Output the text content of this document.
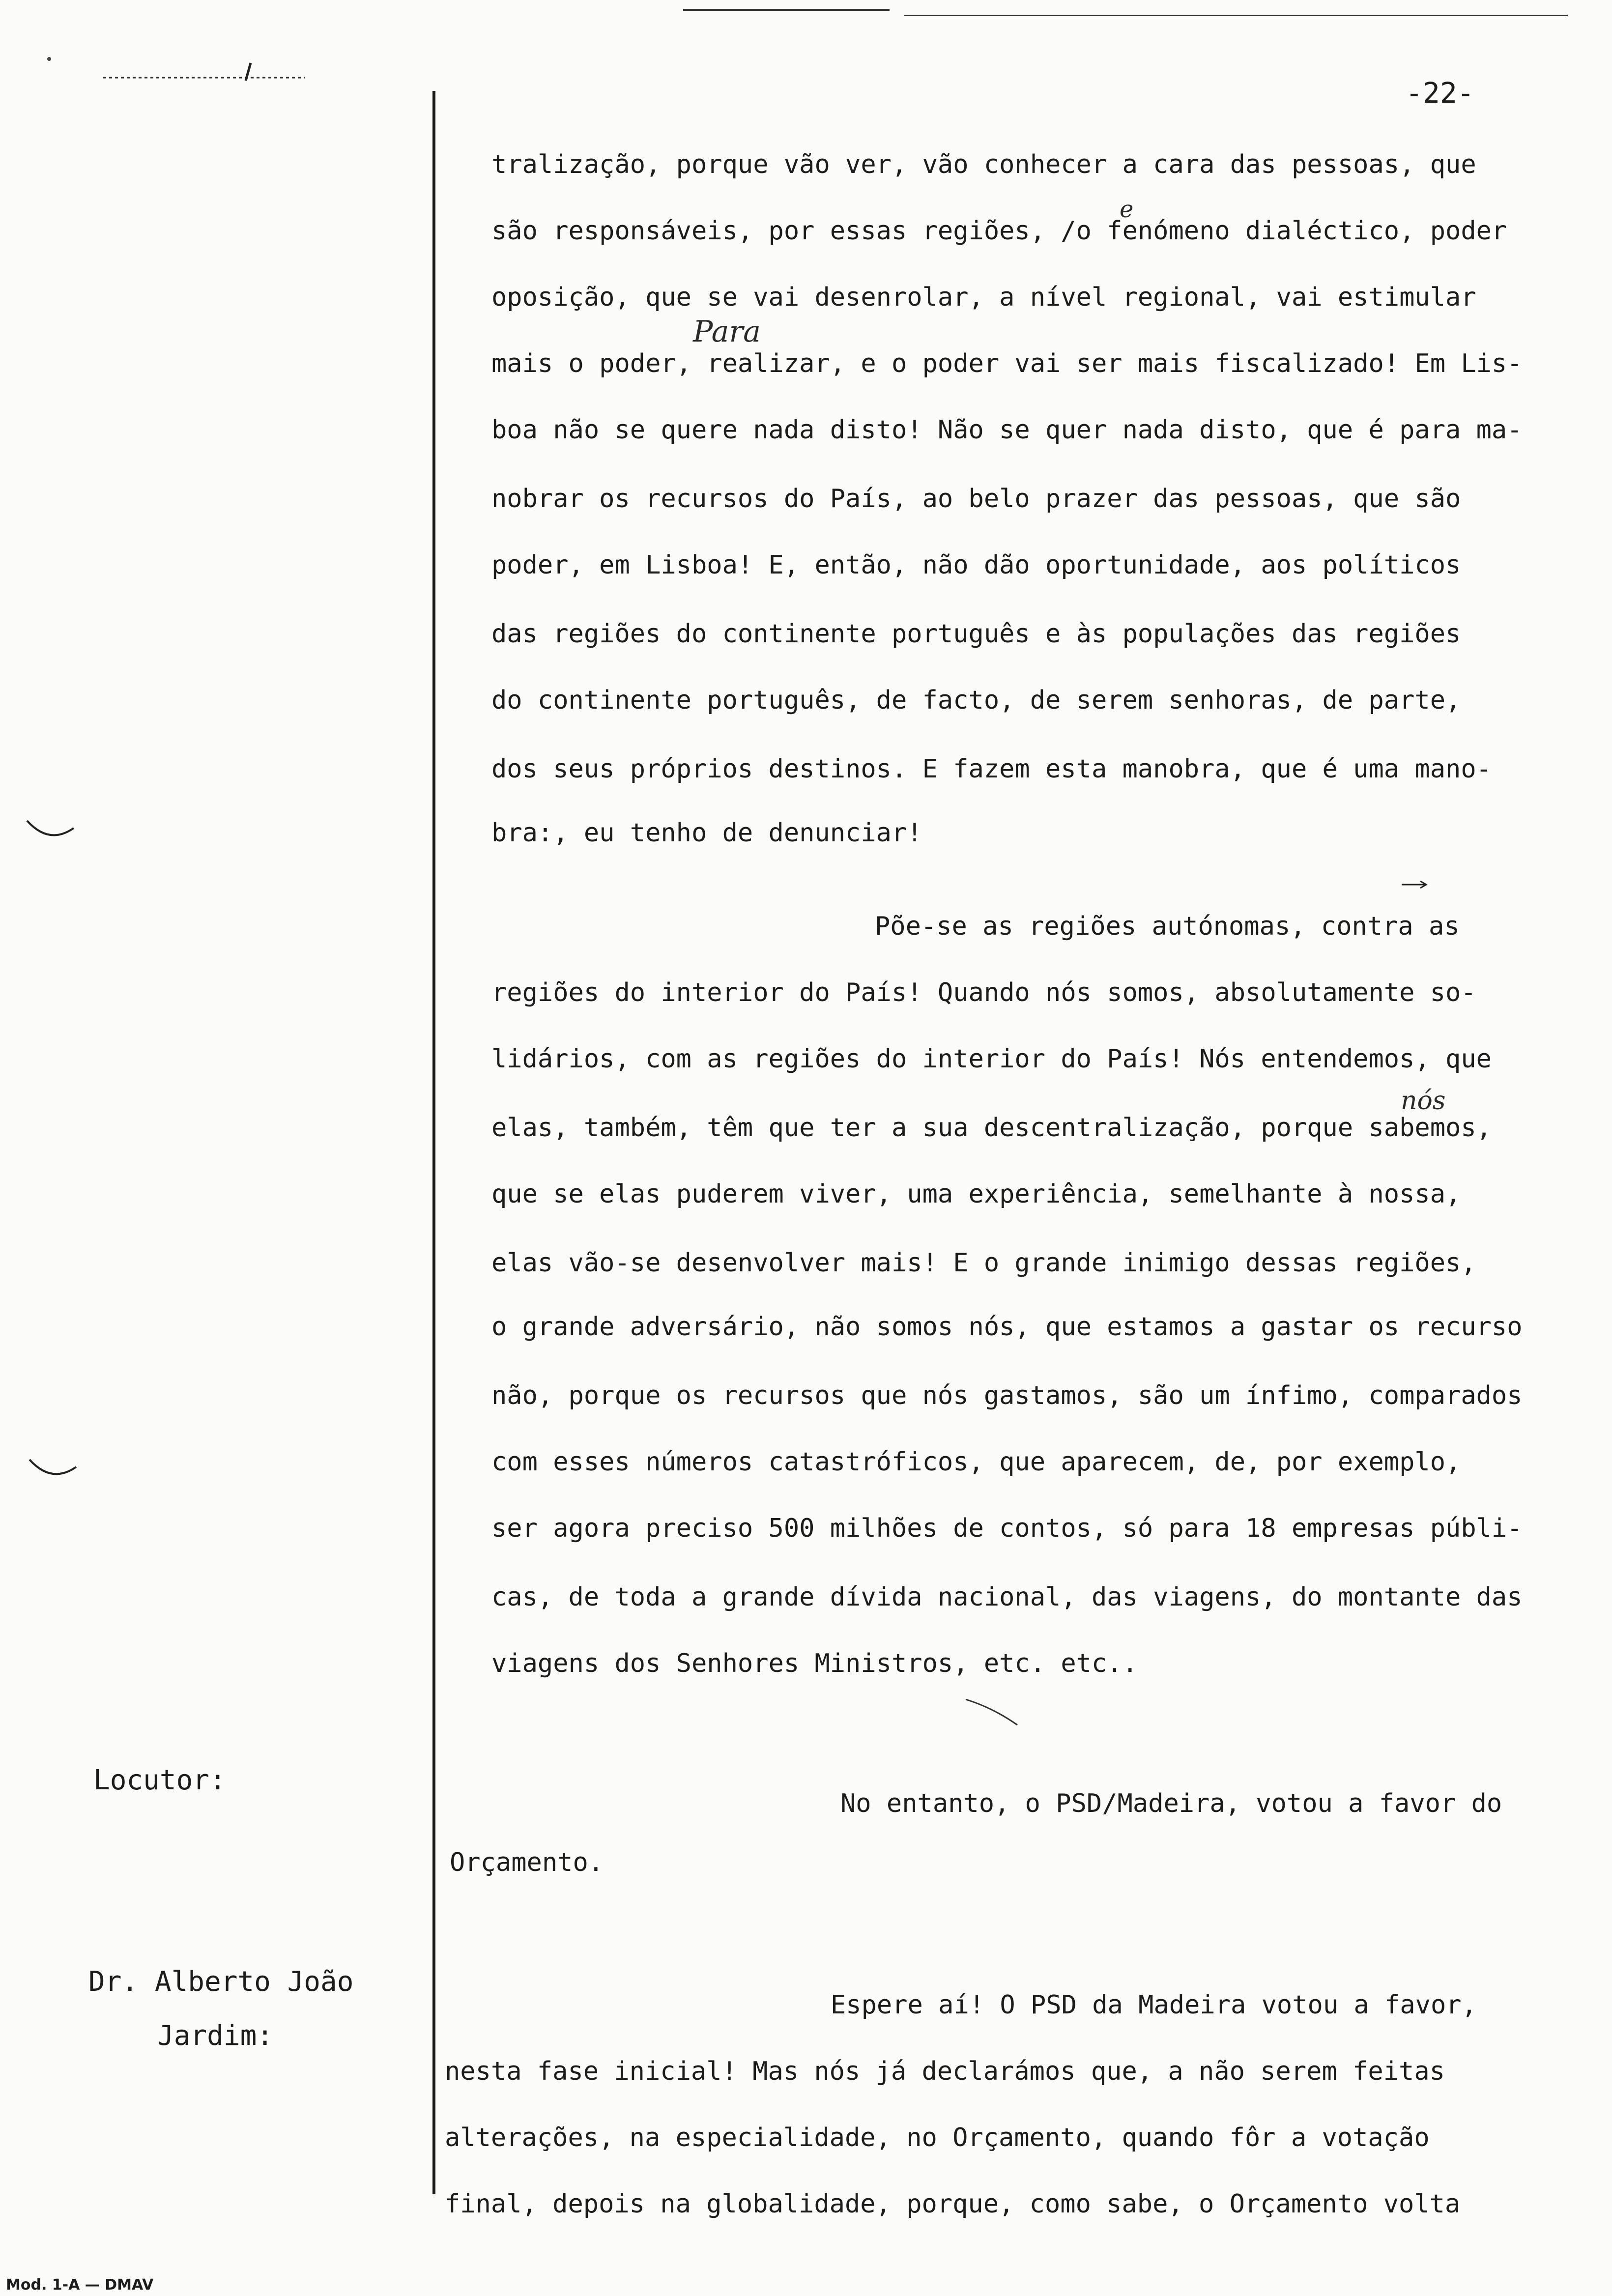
-22-
tralização, porque vão ver, vão conhecer a cara das pessoas, que
são responsáveis, por essas regiões, /o fenómeno dialéctico, poder
oposição, que se vai desenrolar, a nível regional, vai estimular
mais o poder, realizar, e o poder vai ser mais fiscalizado! Em Lis-
boa não se quere nada disto! Não se quer nada disto, que é para ma-
nobrar os recursos do País, ao belo prazer das pessoas, que são
poder, em Lisboa! E, então, não dão oportunidade, aos políticos
das regiões do continente português e às populações das regiões
do continente português, de facto, de serem senhoras, de parte,
dos seus próprios destinos. E fazem esta manobra, que é uma mano-
bra:, eu tenho de denunciar!
Põe-se as regiões autónomas, contra as
regiões do interior do País! Quando nós somos, absolutamente so-
lidários, com as regiões do interior do País! Nós entendemos, que
elas, também, têm que ter a sua descentralização, porque sabemos,
que se elas puderem viver, uma experiência, semelhante à nossa,
elas vão-se desenvolver mais! E o grande inimigo dessas regiões,
o grande adversário, não somos nós, que estamos a gastar os recurso
não, porque os recursos que nós gastamos, são um ínfimo, comparados
com esses números catastróficos, que aparecem, de, por exemplo,
ser agora preciso 500 milhões de contos, só para 18 empresas públi-
cas, de toda a grande dívida nacional, das viagens, do montante das
viagens dos Senhores Ministros, etc. etc..
Locutor:
No entanto, o PSD/Madeira, votou a favor do
Orçamento.
Dr. Alberto João
Jardim:
Espere aí! O PSD da Madeira votou a favor,
nesta fase inicial! Mas nós já declarámos que, a não serem feitas
alterações, na especialidade, no Orçamento, quando fôr a votação
final, depois na globalidade, porque, como sabe, o Orçamento volta
e
Para
nós
Mod. 1-A — DMAV
